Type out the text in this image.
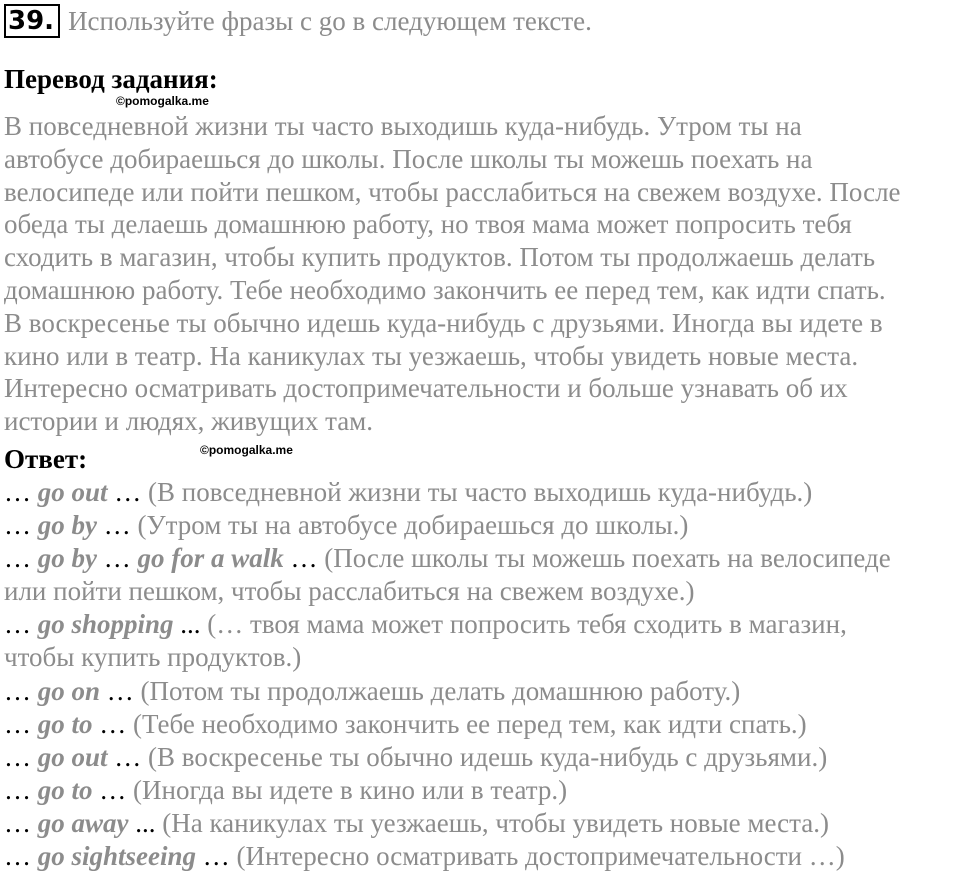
39. Используйте фразы с go в следующем тексте.
Перевод задания:
©pomogalka.me
В повседневной жизни ты часто выходишь куда-нибудь. Утром ты на
автобусе добираешься до школы. После школы ты можешь поехать на
велосипеде или пойти пешком, чтобы расслабиться на свежем воздухе. После
обеда ты делаешь домашнюю работу, но твоя мама может попросить тебя
сходить в магазин, чтобы купить продуктов. Потом ты продолжаешь делать
домашнюю работу. Тебе необходимо закончить ее перед тем, как идти спать.
В воскресенье ты обычно идешь куда-нибудь с друзьями. Иногда вы идете в
кино или в театр. На каникулах ты уезжаешь, чтобы увидеть новые места.
Интересно осматривать достопримечательности и больше узнавать об их
истории и людях, живущих там.
Ответ:	©pomogalka.me
… go out … (В повседневной жизни ты часто выходишь куда-нибудь.)
… go by … (Утром ты на автобусе добираешься до школы.)
… go by … go for a walk … (После школы ты можешь поехать на велосипеде
или пойти пешком, чтобы расслабиться на свежем воздухе.)
… go shopping ... (… твоя мама может попросить тебя сходить в магазин,
чтобы купить продуктов.)
… go on … (Потом ты продолжаешь делать домашнюю работу.)
… go to … (Тебе необходимо закончить ее перед тем, как идти спать.)
… go out … (В воскресенье ты обычно идешь куда-нибудь с друзьями.)
… go to … (Иногда вы идете в кино или в театр.)
… go away ... (На каникулах ты уезжаешь, чтобы увидеть новые места.)
… go sightseeing … (Интересно осматривать достопримечательности …)
